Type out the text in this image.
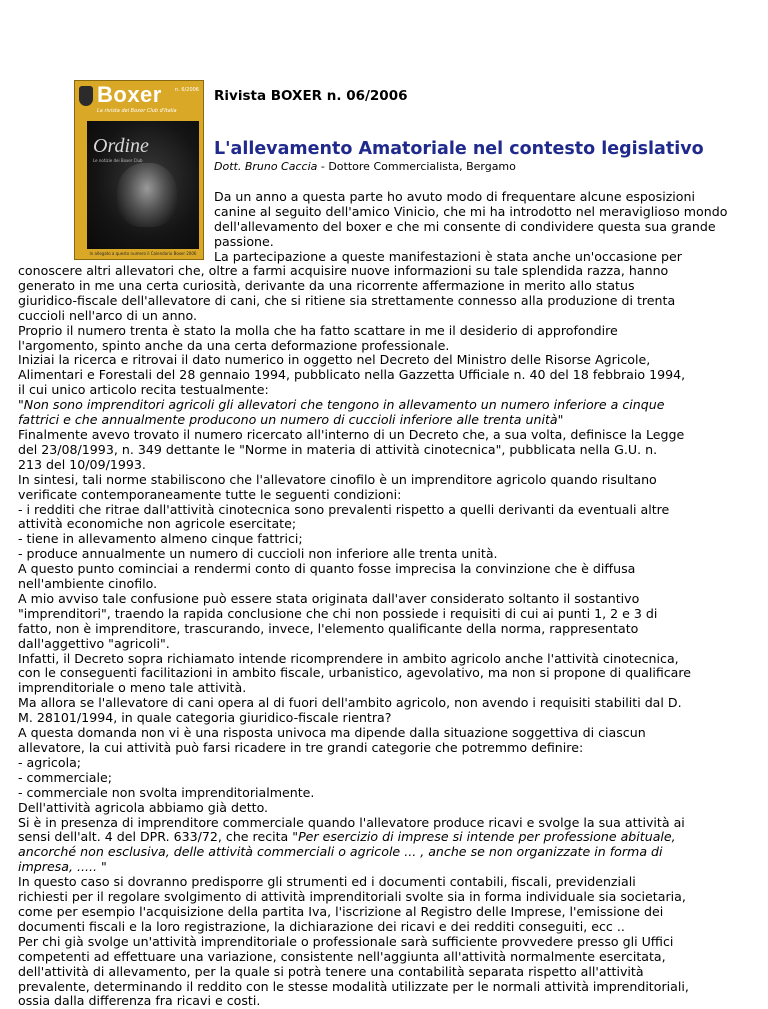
Boxer	n. 6/2006
La rivista dei Boxer Club d'Italia
Ordine
Le notizie dei Boxer Club
In allegato a questo numero il Calendario Boxer 2006
Rivista BOXER n. 06/2006
L'allevamento Amatoriale nel contesto legislativo
Dott. Bruno Caccia - Dottore Commercialista, Bergamo

Da un anno a questa parte ho avuto modo di frequentare alcune esposizioni

canine al seguito dell'amico Vinicio, che mi ha introdotto nel meraviglioso mondo

dell'allevamento del boxer e che mi consente di condividere questa sua grande

passione.

La partecipazione a queste manifestazioni è stata anche un'occasione per

conoscere altri allevatori che, oltre a farmi acquisire nuove informazioni su tale splendida razza, hanno

generato in me una certa curiosità, derivante da una ricorrente affermazione in merito allo status

giuridico-fiscale dell'allevatore di cani, che si ritiene sia strettamente connesso alla produzione di trenta

cuccioli nell'arco di un anno.

Proprio il numero trenta è stato la molla che ha fatto scattare in me il desiderio di approfondire

l'argomento, spinto anche da una certa deformazione professionale.

Iniziai la ricerca e ritrovai il dato numerico in oggetto nel Decreto del Ministro delle Risorse Agricole,

Alimentari e Forestali del 28 gennaio 1994, pubblicato nella Gazzetta Ufficiale n. 40 del 18 febbraio 1994,

il cui unico articolo recita testualmente:

"Non sono imprenditori agricoli gli allevatori che tengono in allevamento un numero inferiore a cinque

fattrici e che annualmente producono un numero di cuccioli inferiore alle trenta unità"

Finalmente avevo trovato il numero ricercato all'interno di un Decreto che, a sua volta, definisce la Legge

del 23/08/1993, n. 349 dettante le "Norme in materia di attività cinotecnica", pubblicata nella G.U. n.

213 del 10/09/1993.

In sintesi, tali norme stabiliscono che l'allevatore cinofilo è un imprenditore agricolo quando risultano

verificate contemporaneamente tutte le seguenti condizioni:

- i redditi che ritrae dall'attività cinotecnica sono prevalenti rispetto a quelli derivanti da eventuali altre

attività economiche non agricole esercitate;

- tiene in allevamento almeno cinque fattrici;

- produce annualmente un numero di cuccioli non inferiore alle trenta unità.

A questo punto cominciai a rendermi conto di quanto fosse imprecisa la convinzione che è diffusa

nell'ambiente cinofilo.

A mio avviso tale confusione può essere stata originata dall'aver considerato soltanto il sostantivo

"imprenditori", traendo la rapida conclusione che chi non possiede i requisiti di cui ai punti 1, 2 e 3 di

fatto, non è imprenditore, trascurando, invece, l'elemento qualificante della norma, rappresentato

dall'aggettivo "agricoli".

Infatti, il Decreto sopra richiamato intende ricomprendere in ambito agricolo anche l'attività cinotecnica,

con le conseguenti facilitazioni in ambito fiscale, urbanistico, agevolativo, ma non si propone di qualificare

imprenditoriale o meno tale attività.

Ma allora se l'allevatore di cani opera al di fuori dell'ambito agricolo, non avendo i requisiti stabiliti dal D.

M. 28101/1994, in quale categoria giuridico-fiscale rientra?

A questa domanda non vi è una risposta univoca ma dipende dalla situazione soggettiva di ciascun

allevatore, la cui attività può farsi ricadere in tre grandi categorie che potremmo definire:

- agricola;

- commerciale;

- commerciale non svolta imprenditorialmente.

Dell'attività agricola abbiamo già detto.

Si è in presenza di imprenditore commerciale quando l'allevatore produce ricavi e svolge la sua attività ai

sensi dell'alt. 4 del DPR. 633/72, che recita "Per esercizio di imprese si intende per professione abituale,

ancorché non esclusiva, delle attività commerciali o agricole ... , anche se non organizzate in forma di

impresa, ..... "

In questo caso si dovranno predisporre gli strumenti ed i documenti contabili, fiscali, previdenziali

richiesti per il regolare svolgimento di attività imprenditoriali svolte sia in forma individuale sia societaria,

come per esempio l'acquisizione della partita Iva, l'iscrizione al Registro delle Imprese, l'emissione dei

documenti fiscali e la loro registrazione, la dichiarazione dei ricavi e dei redditi conseguiti, ecc ..

Per chi già svolge un'attività imprenditoriale o professionale sarà sufficiente provvedere presso gli Uffici

competenti ad effettuare una variazione, consistente nell'aggiunta all'attività normalmente esercitata,

dell'attività di allevamento, per la quale si potrà tenere una contabilità separata rispetto all'attività

prevalente, determinando il reddito con le stesse modalità utilizzate per le normali attività imprenditoriali,

ossia dalla differenza fra ricavi e costi.
